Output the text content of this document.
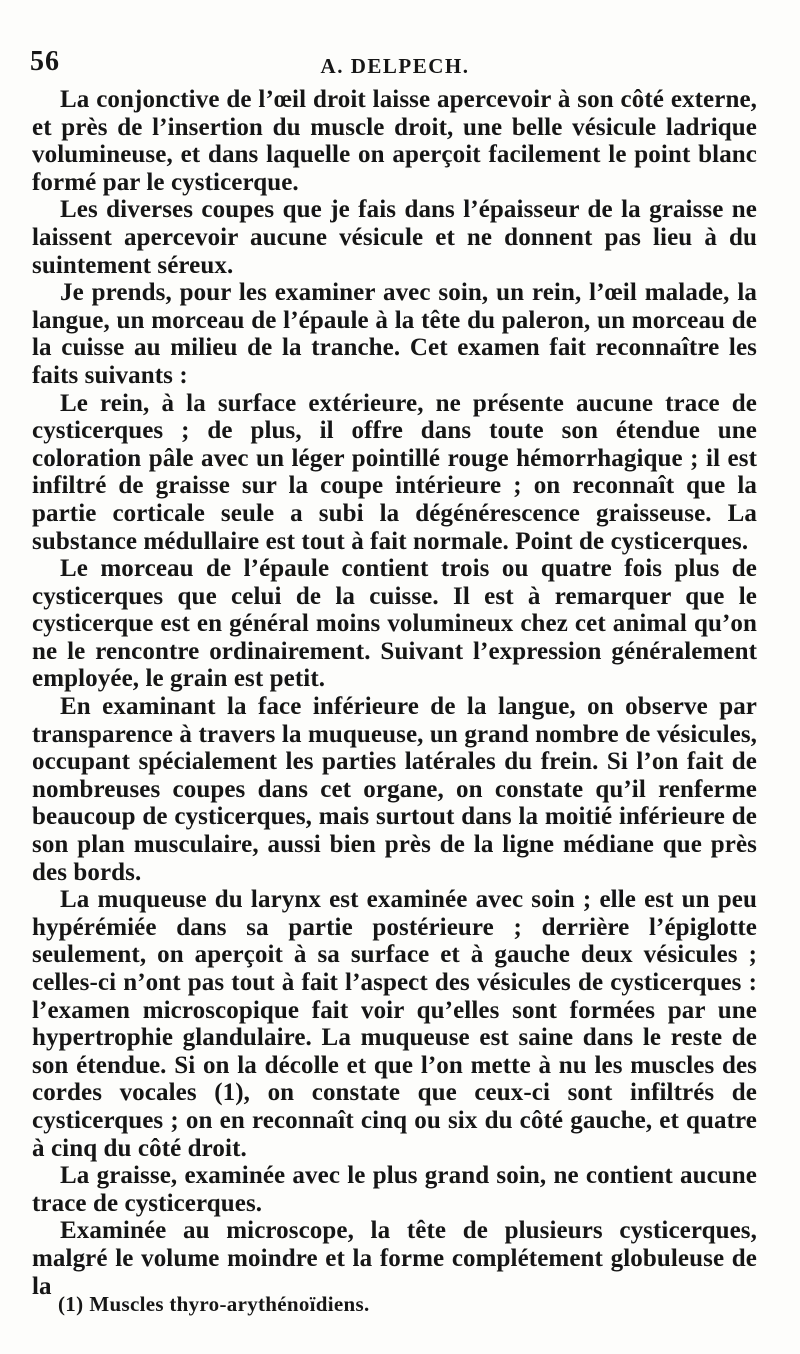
56	A. DELPECH.

La conjonctive de l’œil droit laisse apercevoir à son côté externe, et près de l’insertion du muscle droit, une belle vésicule ladrique volumineuse, et dans laquelle on aperçoit facilement le point blanc formé par le cysticerque.

Les diverses coupes que je fais dans l’épaisseur de la graisse ne laissent apercevoir aucune vésicule et ne donnent pas lieu à du suintement séreux.

Je prends, pour les examiner avec soin, un rein, l’œil malade, la langue, un morceau de l’épaule à la tête du paleron, un morceau de la cuisse au milieu de la tranche. Cet examen fait reconnaître les faits suivants :

Le rein, à la surface extérieure, ne présente aucune trace de cysticerques ; de plus, il offre dans toute son étendue une coloration pâle avec un léger pointillé rouge hémorrhagique ; il est infiltré de graisse sur la coupe intérieure ; on reconnaît que la partie corticale seule a subi la dégénérescence graisseuse. La substance médullaire est tout à fait normale. Point de cysticerques.

Le morceau de l’épaule contient trois ou quatre fois plus de cysticerques que celui de la cuisse. Il est à remarquer que le cysticerque est en général moins volumineux chez cet animal qu’on ne le rencontre ordinairement. Suivant l’expression généralement employée, le grain est petit.

En examinant la face inférieure de la langue, on observe par transparence à travers la muqueuse, un grand nombre de vésicules, occupant spécialement les parties latérales du frein. Si l’on fait de nombreuses coupes dans cet organe, on constate qu’il renferme beaucoup de cysticerques, mais surtout dans la moitié inférieure de son plan musculaire, aussi bien près de la ligne médiane que près des bords.

La muqueuse du larynx est examinée avec soin ; elle est un peu hypérémiée dans sa partie postérieure ; derrière l’épiglotte seulement, on aperçoit à sa surface et à gauche deux vésicules ; celles-ci n’ont pas tout à fait l’aspect des vésicules de cysticerques : l’examen microscopique fait voir qu’elles sont formées par une hypertrophie glandulaire. La muqueuse est saine dans le reste de son étendue. Si on la décolle et que l’on mette à nu les muscles des cordes vocales (1), on constate que ceux-ci sont infiltrés de cysticerques ; on en reconnaît cinq ou six du côté gauche, et quatre à cinq du côté droit.

La graisse, examinée avec le plus grand soin, ne contient aucune trace de cysticerques.

Examinée au microscope, la tête de plusieurs cysticerques, malgré le volume moindre et la forme complétement globuleuse de la

(1) Muscles thyro-arythénoïdiens.
